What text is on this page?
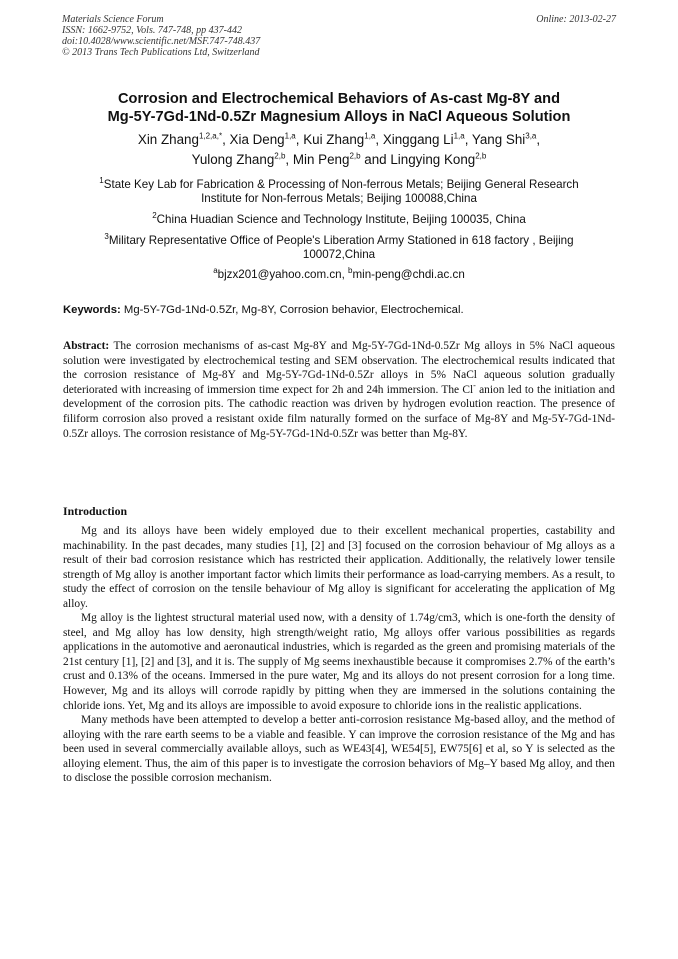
Materials Science Forum
ISSN: 1662-9752, Vols. 747-748, pp 437-442
doi:10.4028/www.scientific.net/MSF.747-748.437
© 2013 Trans Tech Publications Ltd, Switzerland
Online: 2013-02-27
Corrosion and Electrochemical Behaviors of As-cast Mg-8Y and
Mg-5Y-7Gd-1Nd-0.5Zr Magnesium Alloys in NaCl Aqueous Solution
Xin Zhang$^{1,2,a,*}$, Xia Deng$^{1,a}$, Kui Zhang$^{1,a}$, Xinggang Li$^{1,a}$, Yang Shi$^{3,a}$,
Yulong Zhang$^{2,b}$, Min Peng$^{2,b}$ and Lingying Kong$^{2,b}$
$^1$State Key Lab for Fabrication & Processing of Non-ferrous Metals; Beijing General Research
Institute for Non-ferrous Metals; Beijing 100088,China
$^2$China Huadian Science and Technology Institute, Beijing 100035, China
$^3$Military Representative Office of People's Liberation Army Stationed in 618 factory , Beijing
100072,China
$^a$bjzx201@yahoo.com.cn, $^b$min-peng@chdi.ac.cn
Keywords: Mg-5Y-7Gd-1Nd-0.5Zr, Mg-8Y, Corrosion behavior, Electrochemical.

Abstract: The corrosion mechanisms of as-cast Mg-8Y and Mg-5Y-7Gd-1Nd-0.5Zr Mg alloys in 5% NaCl aqueous solution were investigated by electrochemical testing and SEM observation. The electrochemical results indicated that the corrosion resistance of Mg-8Y and Mg-5Y-7Gd-1Nd-0.5Zr alloys in 5% NaCl aqueous solution gradually deteriorated with increasing of immersion time expect for 2h and 24h immersion. The Cl- anion led to the initiation and development of the corrosion pits. The cathodic reaction was driven by hydrogen evolution reaction. The presence of filiform corrosion also proved a resistant oxide film naturally formed on the surface of Mg-8Y and Mg-5Y-7Gd-1Nd-0.5Zr alloys. The corrosion resistance of Mg-5Y-7Gd-1Nd-0.5Zr was better than Mg-8Y.

Introduction

Mg and its alloys have been widely employed due to their excellent mechanical properties, castability and machinability. In the past decades, many studies [1], [2] and [3] focused on the corrosion behaviour of Mg alloys as a result of their bad corrosion resistance which has restricted their application. Additionally, the relatively lower tensile strength of Mg alloy is another important factor which limits their performance as load-carrying members. As a result, to study the effect of corrosion on the tensile behaviour of Mg alloy is significant for accelerating the application of Mg alloy.

Mg alloy is the lightest structural material used now, with a density of 1.74g/cm3, which is one-forth the density of steel, and Mg alloy has low density, high strength/weight ratio, Mg alloys offer various possibilities as regards applications in the automotive and aeronautical industries, which is regarded as the green and promising materials of the 21st century [1], [2] and [3], and it is. The supply of Mg seems inexhaustible because it compromises 2.7% of the earth’s crust and 0.13% of the oceans. Immersed in the pure water, Mg and its alloys do not present corrosion for a long time. However, Mg and its alloys will corrode rapidly by pitting when they are immersed in the solutions containing the chloride ions. Yet, Mg and its alloys are impossible to avoid exposure to chloride ions in the realistic applications.

Many methods have been attempted to develop a better anti-corrosion resistance Mg-based alloy, and the method of alloying with the rare earth seems to be a viable and feasible. Y can improve the corrosion resistance of the Mg and has been used in several commercially available alloys, such as WE43[4], WE54[5], EW75[6] et al, so Y is selected as the alloying element. Thus, the aim of this paper is to investigate the corrosion behaviors of Mg–Y based Mg alloy, and then to disclose the possible corrosion mechanism.
